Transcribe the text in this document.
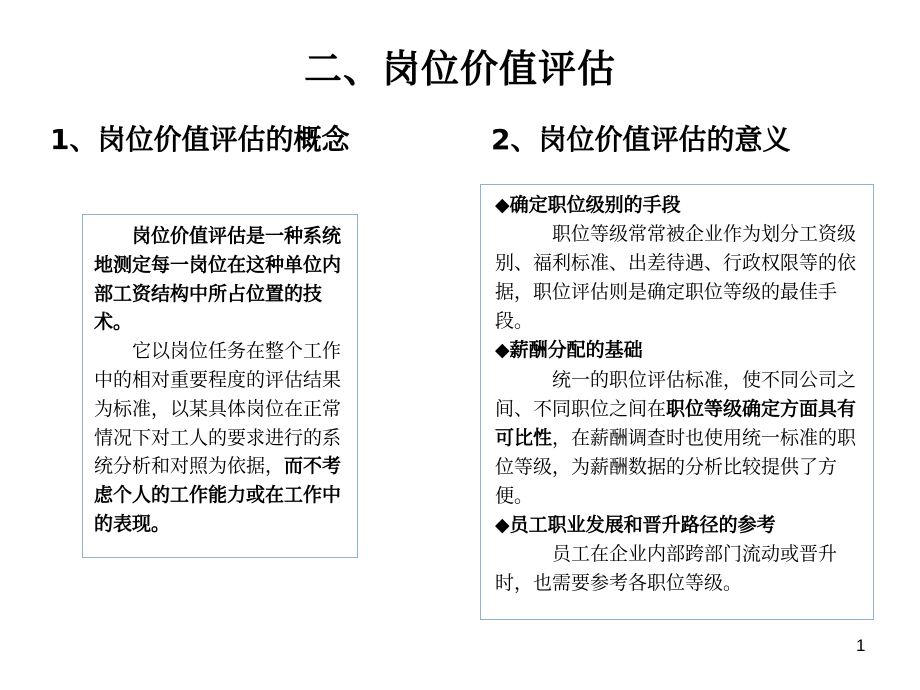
二、岗位价值评估
1、岗位价值评估的概念	2、岗位价值评估的意义

岗位价值评估是一种系统地测定每一岗位在这种单位内部工资结构中所占位置的技术。

它以岗位任务在整个工作中的相对重要程度的评估结果为标准，以某具体岗位在正常情况下对工人的要求进行的系统分析和对照为依据，而不考虑个人的工作能力或在工作中的表现。

◆确定职位级别的手段

职位等级常常被企业作为划分工资级别、福利标准、出差待遇、行政权限等的依据，职位评估则是确定职位等级的最佳手段。

◆薪酬分配的基础

统一的职位评估标准，使不同公司之间、不同职位之间在职位等级确定方面具有可比性，在薪酬调查时也使用统一标准的职位等级，为薪酬数据的分析比较提供了方便。

◆员工职业发展和晋升路径的参考

员工在企业内部跨部门流动或晋升时，也需要参考各职位等级。

1
